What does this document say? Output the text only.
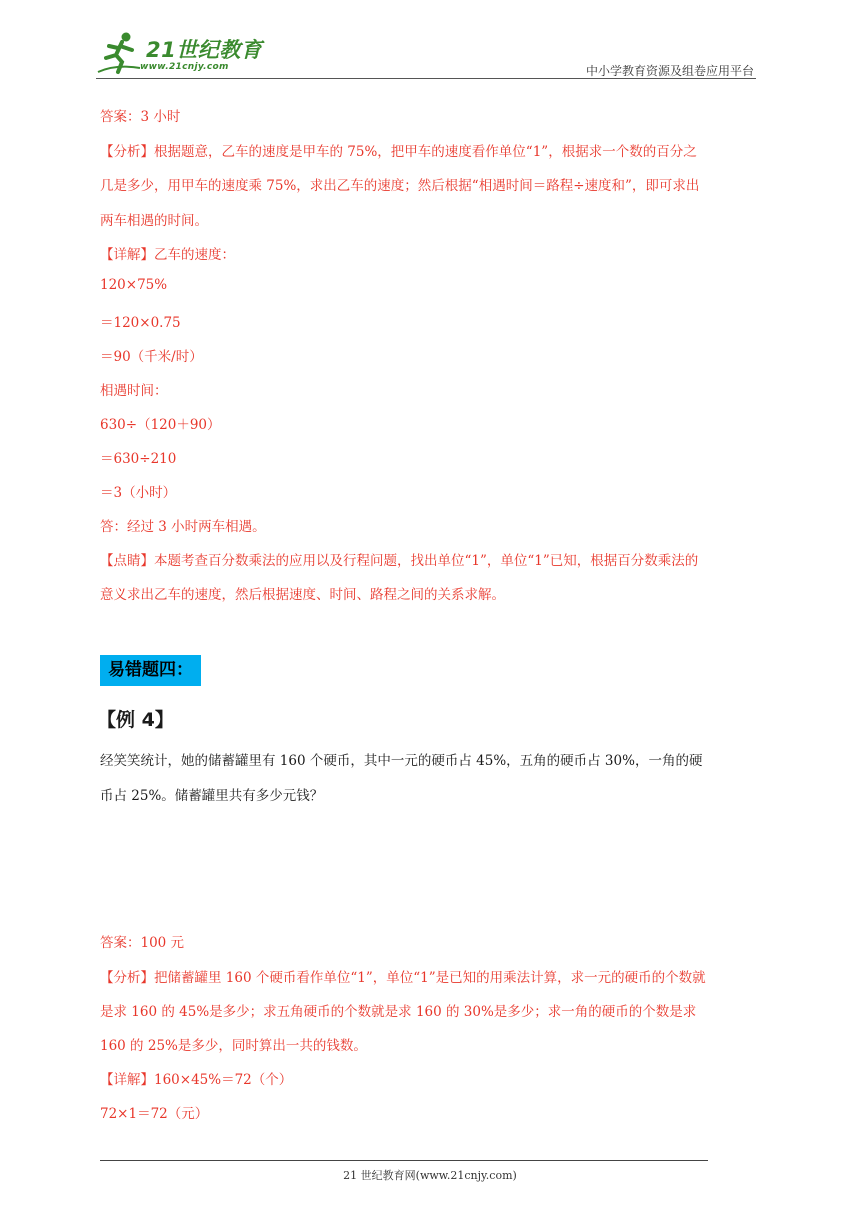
21世纪教育
www.21cnjy.com	中小学教育资源及组卷应用平台
答案：3 小时
【分析】根据题意，乙车的速度是甲车的 75%，把甲车的速度看作单位“1”，根据求一个数的百分之
几是多少，用甲车的速度乘 75%，求出乙车的速度；然后根据“相遇时间＝路程÷速度和”，即可求出
两车相遇的时间。
【详解】乙车的速度：
120×75%
＝120×0.75
＝90（千米/时）
相遇时间：
630÷（120＋90）
＝630÷210
＝3（小时）
答：经过 3 小时两车相遇。
【点睛】本题考查百分数乘法的应用以及行程问题，找出单位“1”，单位“1”已知，根据百分数乘法的
意义求出乙车的速度，然后根据速度、时间、路程之间的关系求解。
易错题四：
【例 4】
经笑笑统计，她的储蓄罐里有 160 个硬币，其中一元的硬币占 45%，五角的硬币占 30%，一角的硬
币占 25%。储蓄罐里共有多少元钱？
答案：100 元
【分析】把储蓄罐里 160 个硬币看作单位“1”，单位“1”是已知的用乘法计算，求一元的硬币的个数就
是求 160 的 45%是多少；求五角硬币的个数就是求 160 的 30%是多少；求一角的硬币的个数是求
160 的 25%是多少，同时算出一共的钱数。
【详解】160×45%＝72（个）
72×1＝72（元）
21 世纪教育网(www.21cnjy.com)
